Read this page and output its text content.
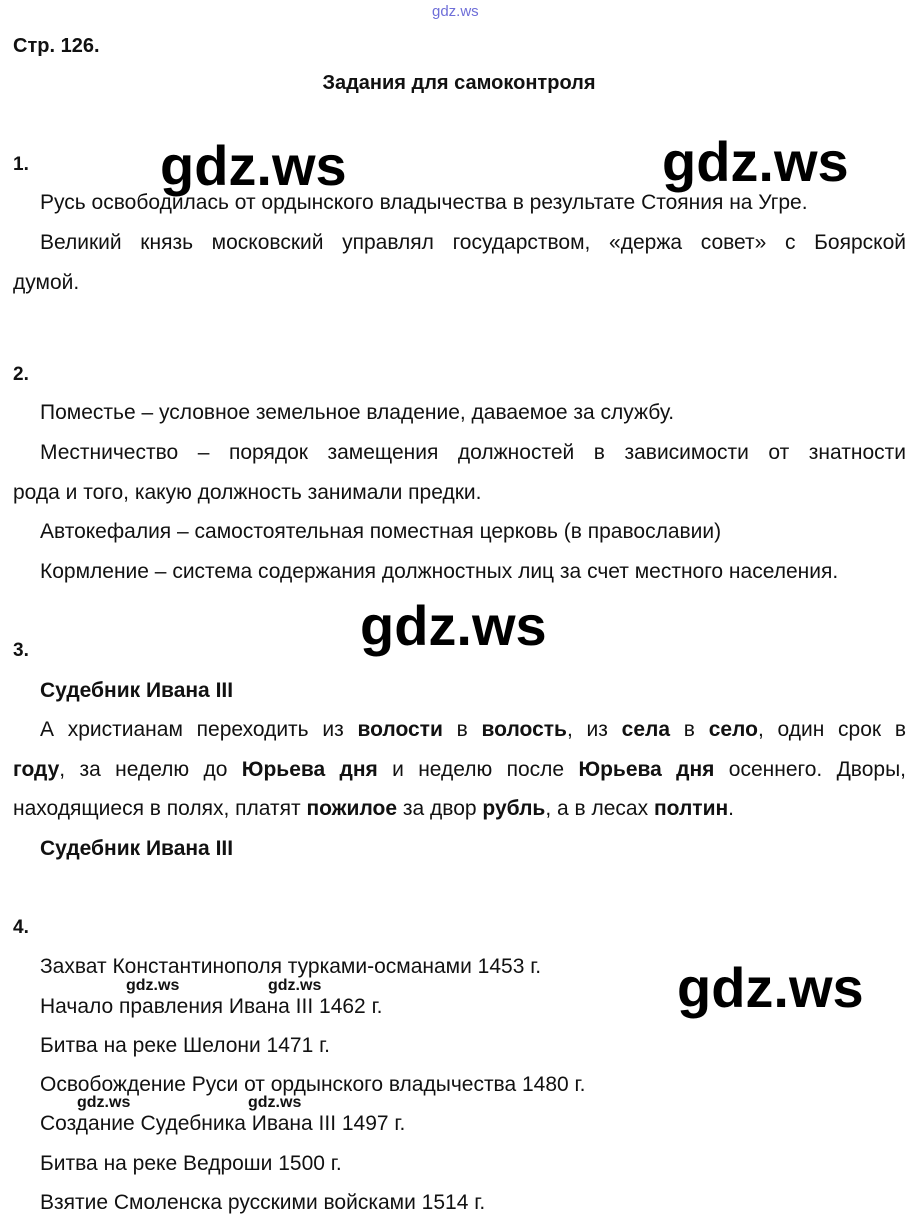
gdz.ws
Стр. 126.
Задания для самоконтроля
gdz.ws	gdz.ws
gdz.ws
gdz.ws
1.
Русь освободилась от ордынского владычества в результате Стояния на Угре.
Великий князь московский управлял государством, «держа совет» с Боярской
думой.
2.
Поместье – условное земельное владение, даваемое за службу.
Местничество – порядок замещения должностей в зависимости от знатности
рода и того, какую должность занимали предки.
Автокефалия – самостоятельная поместная церковь (в православии)
Кормление – система содержания должностных лиц за счет местного населения.
3.
Судебник Ивана III
А христианам переходить из волости в волость, из села в село, один срок в
году, за неделю до Юрьева дня и неделю после Юрьева дня осеннего. Дворы,
находящиеся в полях, платят пожилое за двор рубль, а в лесах полтин.
Судебник Ивана III
4.
Захват Константинополя турками-османами 1453 г.
Начало правления Ивана III 1462 г.
Битва на реке Шелони 1471 г.
Освобождение Руси от ордынского владычества 1480 г.
Создание Судебника Ивана III 1497 г.
Битва на реке Ведроши 1500 г.
Взятие Смоленска русскими войсками 1514 г.
gdz.ws	gdz.ws
gdz.ws	gdz.ws
